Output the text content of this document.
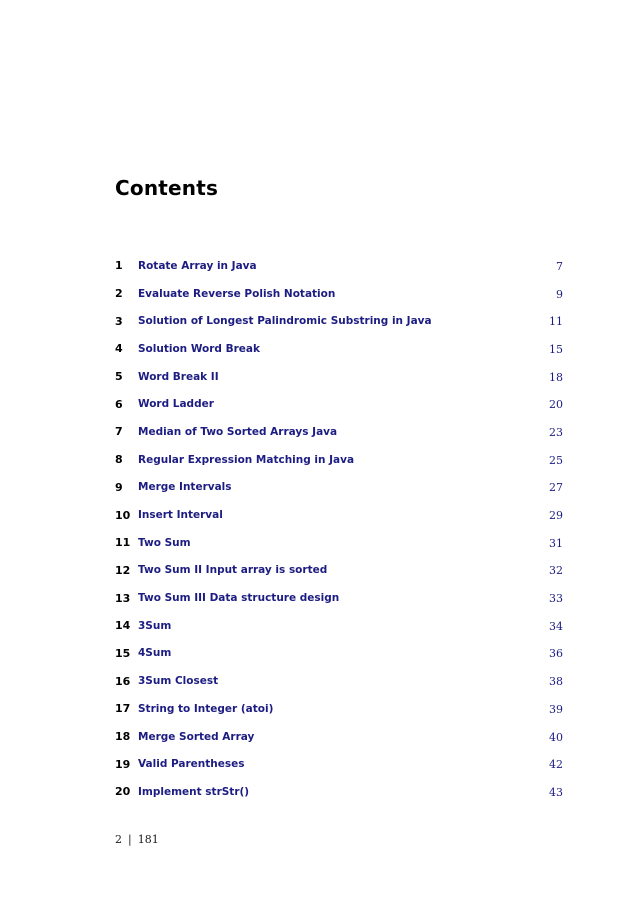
Contents
1	Rotate Array in Java	7
2	Evaluate Reverse Polish Notation	9
3	Solution of Longest Palindromic Substring in Java	11
4	Solution Word Break	15
5	Word Break II	18
6	Word Ladder	20
7	Median of Two Sorted Arrays Java	23
8	Regular Expression Matching in Java	25
9	Merge Intervals	27
10 Insert Interval	29
11 Two Sum	31
12 Two Sum II Input array is sorted	32
13 Two Sum III Data structure design	33
14 3Sum	34
15 4Sum	36
16 3Sum Closest	38
17 String to Integer (atoi)	39
18 Merge Sorted Array	40
19 Valid Parentheses	42
20 Implement strStr()	43
2 | 181
